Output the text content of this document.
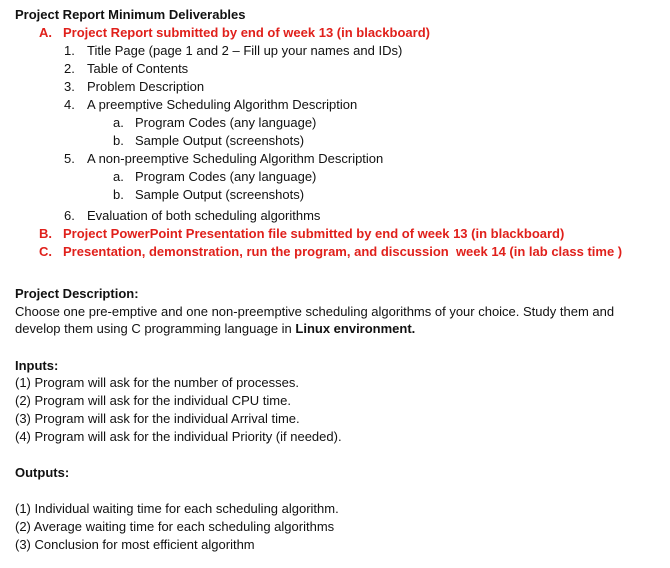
Project Report Minimum Deliverables
A. Project Report submitted by end of week 13 (in blackboard)
1. Title Page (page 1 and 2 – Fill up your names and IDs)
2. Table of Contents
3. Problem Description
4. A preemptive Scheduling Algorithm Description
a. Program Codes (any language)
b. Sample Output (screenshots)
5. A non-preemptive Scheduling Algorithm Description
a. Program Codes (any language)
b. Sample Output (screenshots)
6. Evaluation of both scheduling algorithms
B. Project PowerPoint Presentation file submitted by end of week 13 (in blackboard)
C. Presentation, demonstration, run the program, and discussion  week 14 (in lab class time )
Project Description:
Choose one pre-emptive and one non-preemptive scheduling algorithms of your choice. Study them and
develop them using C programming language in Linux environment.
Inputs:
(1) Program will ask for the number of processes.
(2) Program will ask for the individual CPU time.
(3) Program will ask for the individual Arrival time.
(4) Program will ask for the individual Priority (if needed).
Outputs:
(1) Individual waiting time for each scheduling algorithm.
(2) Average waiting time for each scheduling algorithms
(3) Conclusion for most efficient algorithm
